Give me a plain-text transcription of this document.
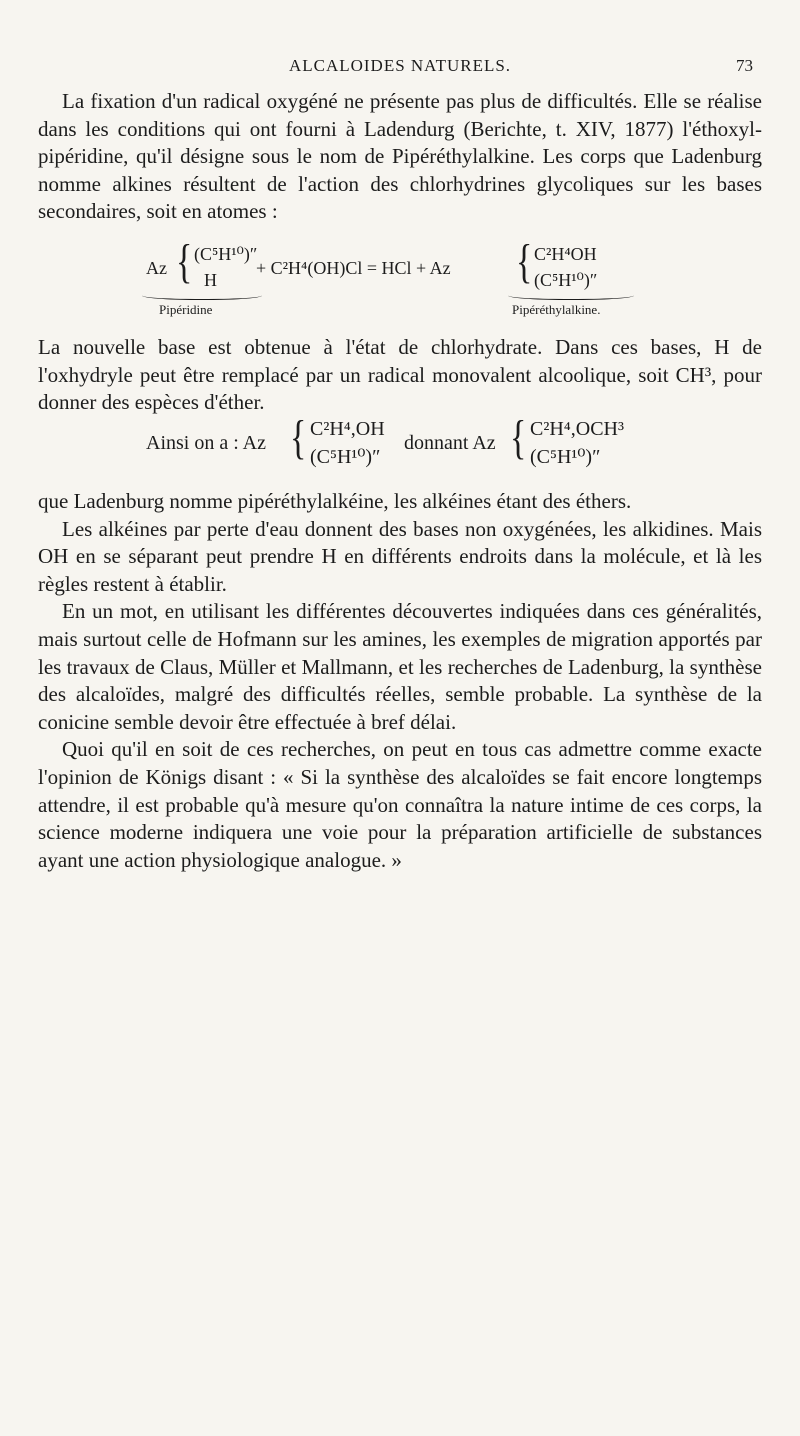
ALCALOIDES NATURELS.	73

La fixation d'un radical oxygéné ne présente pas plus de difficultés. Elle se réalise dans les conditions qui ont fourni à Ladendurg (Berichte, t. XIV, 1877) l'éthoxyl-pipéridine, qu'il désigne sous le nom de Pipéréthylalkine. Les corps que Ladenburg nomme alkines résultent de l'action des chlorhydrines glycoliques sur les bases secondaires, soit en atomes :

Az { (C⁵H¹⁰)″
H
+ C²H⁴(OH)Cl = HCl + Az { C²H⁴OH
(C⁵H¹⁰)″
Pipéridine	Pipéréthylalkine.

La nouvelle base est obtenue à l'état de chlorhydrate. Dans ces bases, H de l'oxhydryle peut être remplacé par un radical monovalent alcoolique, soit CH³, pour donner des espèces d'éther.

Ainsi on a : Az { C²H⁴,OH
(C⁵H¹⁰)″
donnant Az { C²H⁴,OCH³
(C⁵H¹⁰)″

que Ladenburg nomme pipéréthylalkéine, les alkéines étant des éthers.

Les alkéines par perte d'eau donnent des bases non oxygénées, les alkidines. Mais OH en se séparant peut prendre H en différents endroits dans la molécule, et là les règles restent à établir.

En un mot, en utilisant les différentes découvertes indiquées dans ces généralités, mais surtout celle de Hofmann sur les amines, les exemples de migration apportés par les travaux de Claus, Müller et Mallmann, et les recherches de Ladenburg, la synthèse des alcaloïdes, malgré des difficultés réelles, semble probable. La synthèse de la conicine semble devoir être effectuée à bref délai.

Quoi qu'il en soit de ces recherches, on peut en tous cas admettre comme exacte l'opinion de Königs disant : « Si la synthèse des alcaloïdes se fait encore longtemps attendre, il est probable qu'à mesure qu'on connaîtra la nature intime de ces corps, la science moderne indiquera une voie pour la préparation artificielle de substances ayant une action physiologique analogue. »
